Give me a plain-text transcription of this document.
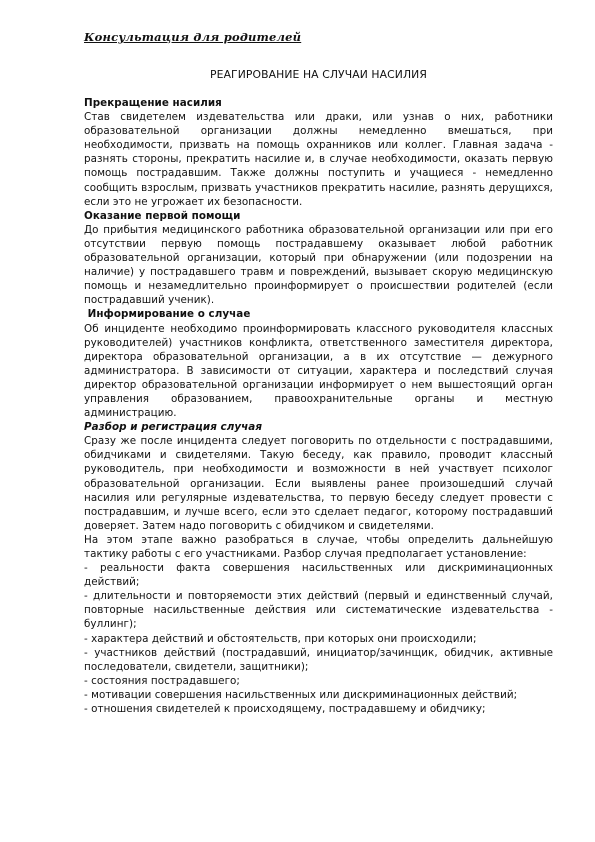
Консультация для родителей
РЕАГИРОВАНИЕ НА СЛУЧАИ НАСИЛИЯ

Прекращение насилия

Став свидетелем издевательства или драки, или узнав о них, работники образовательной организации должны немедленно вмешаться, при необходимости, призвать на помощь охранников или коллег. Главная задача - разнять стороны, прекратить насилие и, в случае необходимости, оказать первую помощь пострадавшим. Также должны поступить и учащиеся - немедленно сообщить взрослым, призвать участников прекратить насилие, разнять дерущихся, если это не угрожает их безопасности.

Оказание первой помощи

До прибытия медицинского работника образовательной организации или при его отсутствии первую помощь пострадавшему оказывает любой работник образовательной организации, который при обнаружении (или подозрении на наличие) у пострадавшего травм и повреждений, вызывает скорую медицинскую помощь и незамедлительно проинформирует о происшествии родителей (если пострадавший ученик).

Информирование о случае

Об инциденте необходимо проинформировать классного руководителя классных руководителей) участников конфликта, ответственного заместителя директора, директора образовательной организации, а в их отсутствие — дежурного администратора. В зависимости от ситуации, характера и последствий случая директор образовательной организации информирует о нем вышестоящий орган управления образованием, правоохранительные органы и местную администрацию.

Разбор и регистрация случая

Сразу же после инцидента следует поговорить по отдельности с пострадавшими, обидчиками и свидетелями. Такую беседу, как правило, проводит классный руководитель, при необходимости и возможности в ней участвует психолог образовательной организации. Если выявлены ранее произошедший случай насилия или регулярные издевательства, то первую беседу следует провести с пострадавшим, и лучше всего, если это сделает педагог, которому пострадавший доверяет. Затем надо поговорить с обидчиком и свидетелями.

На этом этапе важно разобраться в случае, чтобы определить дальнейшую тактику работы с его участниками. Разбор случая предполагает установление:

- реальности факта совершения насильственных или дискриминационных действий;

- длительности и повторяемости этих действий (первый и единственный случай, повторные насильственные действия или систематические издевательства - буллинг);

- характера действий и обстоятельств, при которых они происходили;

- участников действий (пострадавший, инициатор/зачинщик, обидчик, активные последователи, свидетели, защитники);

- состояния пострадавшего;

- мотивации совершения насильственных или дискриминационных действий;

- отношения свидетелей к происходящему, пострадавшему и обидчику;
